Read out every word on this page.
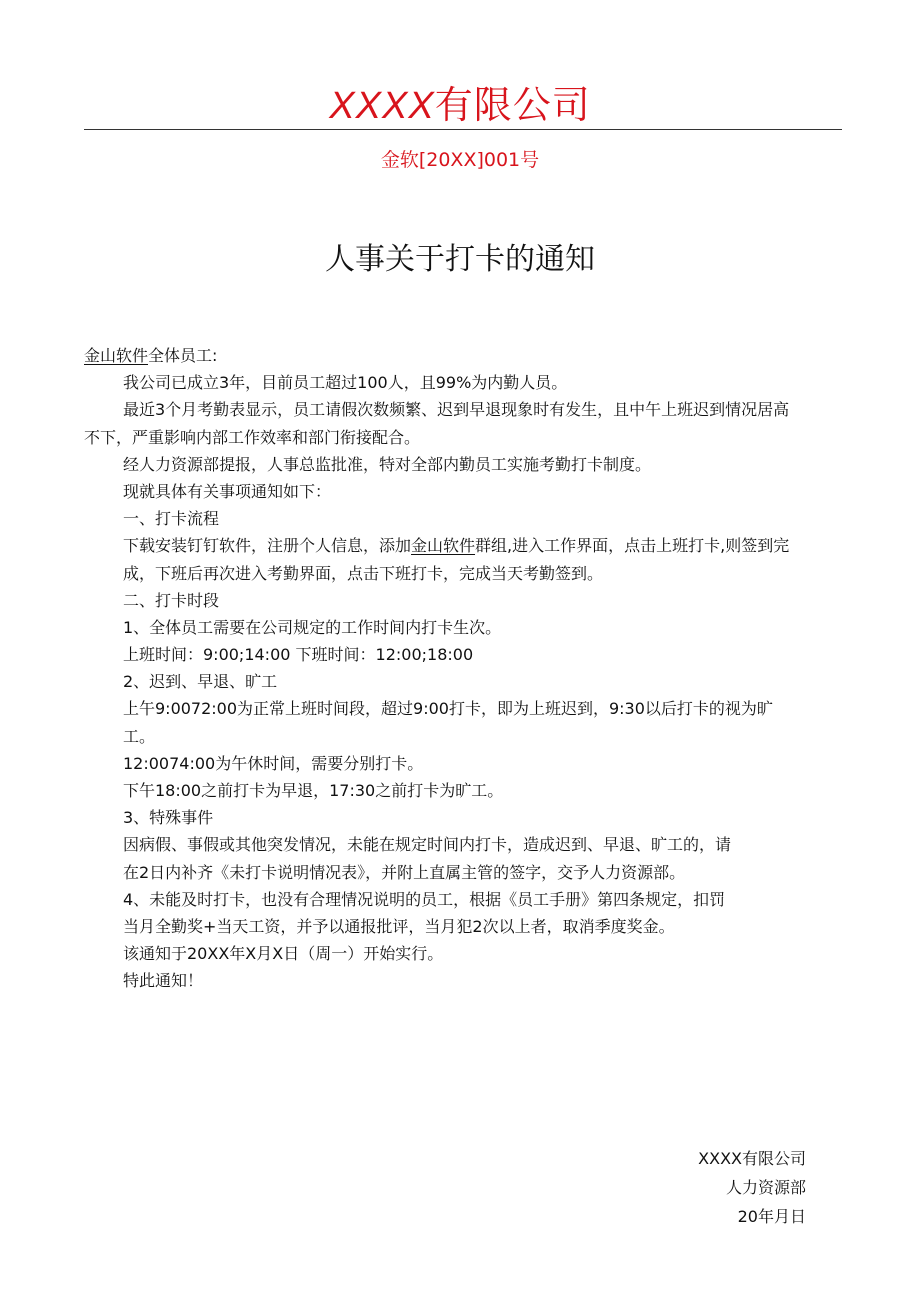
XXXX有限公司
金软[20XX]001号
人事关于打卡的通知
金山软件全体员工:
我公司已成立3年，目前员工超过100人，且99%为内勤人员。
最近3个月考勤表显示，员工请假次数频繁、迟到早退现象时有发生，且中午上班迟到情况居高
不下，严重影响内部工作效率和部门衔接配合。
经人力资源部提报，人事总监批准，特对全部内勤员工实施考勤打卡制度。
现就具体有关事项通知如下：
一、打卡流程
下载安装钉钉软件，注册个人信息，添加金山软件群组,进入工作界面，点击上班打卡,则签到完
成，下班后再次进入考勤界面，点击下班打卡，完成当天考勤签到。
二、打卡时段
1、全体员工需要在公司规定的工作时间内打卡生次。
上班时间：9:00;14:00 下班时间：12:00;18:00
2、迟到、早退、旷工
上午9:0072:00为正常上班时间段，超过9:00打卡，即为上班迟到，9:30以后打卡的视为旷
工。
12:0074:00为午休时间，需要分别打卡。
下午18:00之前打卡为早退，17:30之前打卡为旷工。
3、特殊事件
因病假、事假或其他突发情况，未能在规定时间内打卡，造成迟到、早退、旷工的，请
在2日内补齐《未打卡说明情况表》，并附上直属主管的签字，交予人力资源部。
4、未能及时打卡，也没有合理情况说明的员工，根据《员工手册》第四条规定，扣罚
当月全勤奖+当天工资，并予以通报批评，当月犯2次以上者，取消季度奖金。
该通知于20XX年X月X日（周一）开始实行。
特此通知！
XXXX有限公司
人力资源部
20年月日
